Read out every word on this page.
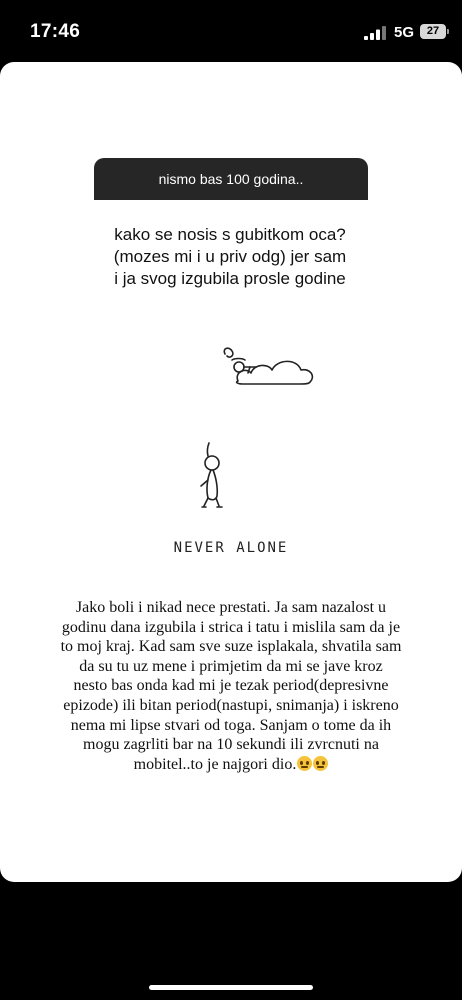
17:46	5G	27
nismo bas 100 godina..
kako se nosis s gubitkom oca?
(mozes mi i u priv odg) jer sam
i ja svog izgubila prosle godine
NEVER ALONE
Jako boli i nikad nece prestati. Ja sam nazalost u
godinu dana izgubila i strica i tatu i mislila sam da je
to moj kraj. Kad sam sve suze isplakala, shvatila sam
da su tu uz mene i primjetim da mi se jave kroz
nesto bas onda kad mi je tezak period(depresivne
epizode) ili bitan period(nastupi, snimanja) i iskreno
nema mi lipse stvari od toga. Sanjam o tome da ih
mogu zagrliti bar na 10 sekundi ili zvrcnuti na
mobitel..to je najgori dio.
